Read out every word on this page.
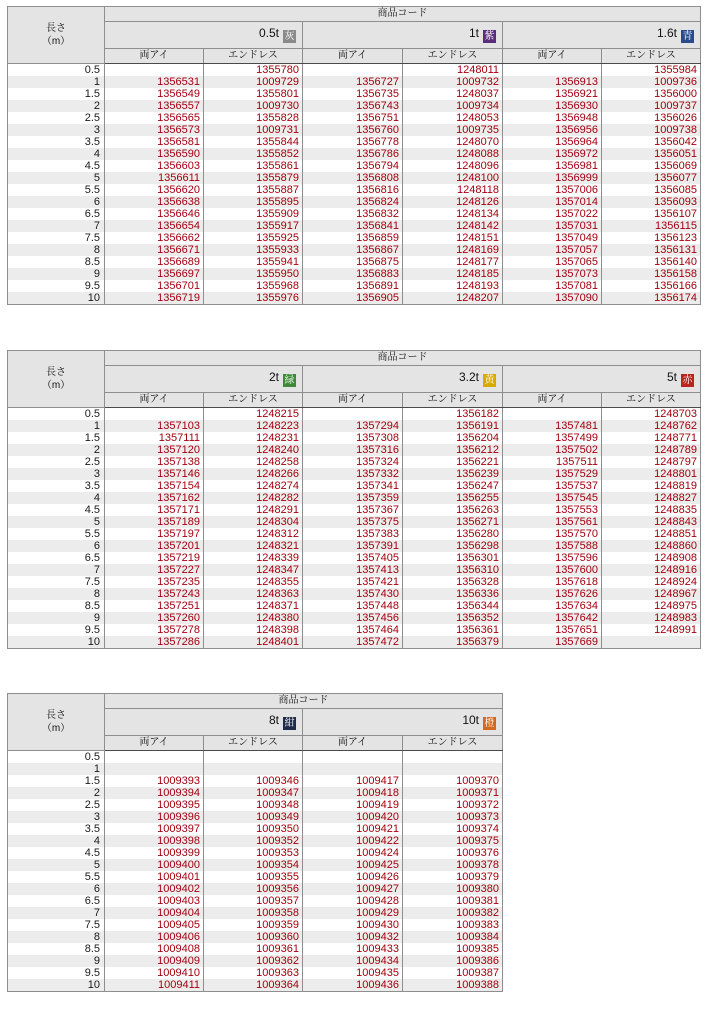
長さ
（m）	商品コード					
	0.5t 灰		1t 紫		1.6t 青	
	両アイ	エンドレス	両アイ	エンドレス	両アイ	エンドレス
0.5		1355780		1248011		1355984
1	1356531	1009729	1356727	1009732	1356913	1009736
1.5	1356549	1355801	1356735	1248037	1356921	1356000
2	1356557	1009730	1356743	1009734	1356930	1009737
2.5	1356565	1355828	1356751	1248053	1356948	1356026
3	1356573	1009731	1356760	1009735	1356956	1009738
3.5	1356581	1355844	1356778	1248070	1356964	1356042
4	1356590	1355852	1356786	1248088	1356972	1356051
4.5	1356603	1355861	1356794	1248096	1356981	1356069
5	1356611	1355879	1356808	1248100	1356999	1356077
5.5	1356620	1355887	1356816	1248118	1357006	1356085
6	1356638	1355895	1356824	1248126	1357014	1356093
6.5	1356646	1355909	1356832	1248134	1357022	1356107
7	1356654	1355917	1356841	1248142	1357031	1356115
7.5	1356662	1355925	1356859	1248151	1357049	1356123
8	1356671	1355933	1356867	1248169	1357057	1356131
8.5	1356689	1355941	1356875	1248177	1357065	1356140
9	1356697	1355950	1356883	1248185	1357073	1356158
9.5	1356701	1355968	1356891	1248193	1357081	1356166
10	1356719	1355976	1356905	1248207	1357090	1356174
長さ
（m）	商品コード					
	2t 緑		3.2t 黄		5t 赤	
	両アイ	エンドレス	両アイ	エンドレス	両アイ	エンドレス
0.5		1248215		1356182		1248703
1	1357103	1248223	1357294	1356191	1357481	1248762
1.5	1357111	1248231	1357308	1356204	1357499	1248771
2	1357120	1248240	1357316	1356212	1357502	1248789
2.5	1357138	1248258	1357324	1356221	1357511	1248797
3	1357146	1248266	1357332	1356239	1357529	1248801
3.5	1357154	1248274	1357341	1356247	1357537	1248819
4	1357162	1248282	1357359	1356255	1357545	1248827
4.5	1357171	1248291	1357367	1356263	1357553	1248835
5	1357189	1248304	1357375	1356271	1357561	1248843
5.5	1357197	1248312	1357383	1356280	1357570	1248851
6	1357201	1248321	1357391	1356298	1357588	1248860
6.5	1357219	1248339	1357405	1356301	1357596	1248908
7	1357227	1248347	1357413	1356310	1357600	1248916
7.5	1357235	1248355	1357421	1356328	1357618	1248924
8	1357243	1248363	1357430	1356336	1357626	1248967
8.5	1357251	1248371	1357448	1356344	1357634	1248975
9	1357260	1248380	1357456	1356352	1357642	1248983
9.5	1357278	1248398	1357464	1356361	1357651	1248991
10	1357286	1248401	1357472	1356379	1357669	
長さ
（m）	商品コード			
	8t 紺		10t 橙	
	両アイ	エンドレス	両アイ	エンドレス
0.5				
1				
1.5	1009393	1009346	1009417	1009370
2	1009394	1009347	1009418	1009371
2.5	1009395	1009348	1009419	1009372
3	1009396	1009349	1009420	1009373
3.5	1009397	1009350	1009421	1009374
4	1009398	1009352	1009422	1009375
4.5	1009399	1009353	1009424	1009376
5	1009400	1009354	1009425	1009378
5.5	1009401	1009355	1009426	1009379
6	1009402	1009356	1009427	1009380
6.5	1009403	1009357	1009428	1009381
7	1009404	1009358	1009429	1009382
7.5	1009405	1009359	1009430	1009383
8	1009406	1009360	1009432	1009384
8.5	1009408	1009361	1009433	1009385
9	1009409	1009362	1009434	1009386
9.5	1009410	1009363	1009435	1009387
10	1009411	1009364	1009436	1009388
